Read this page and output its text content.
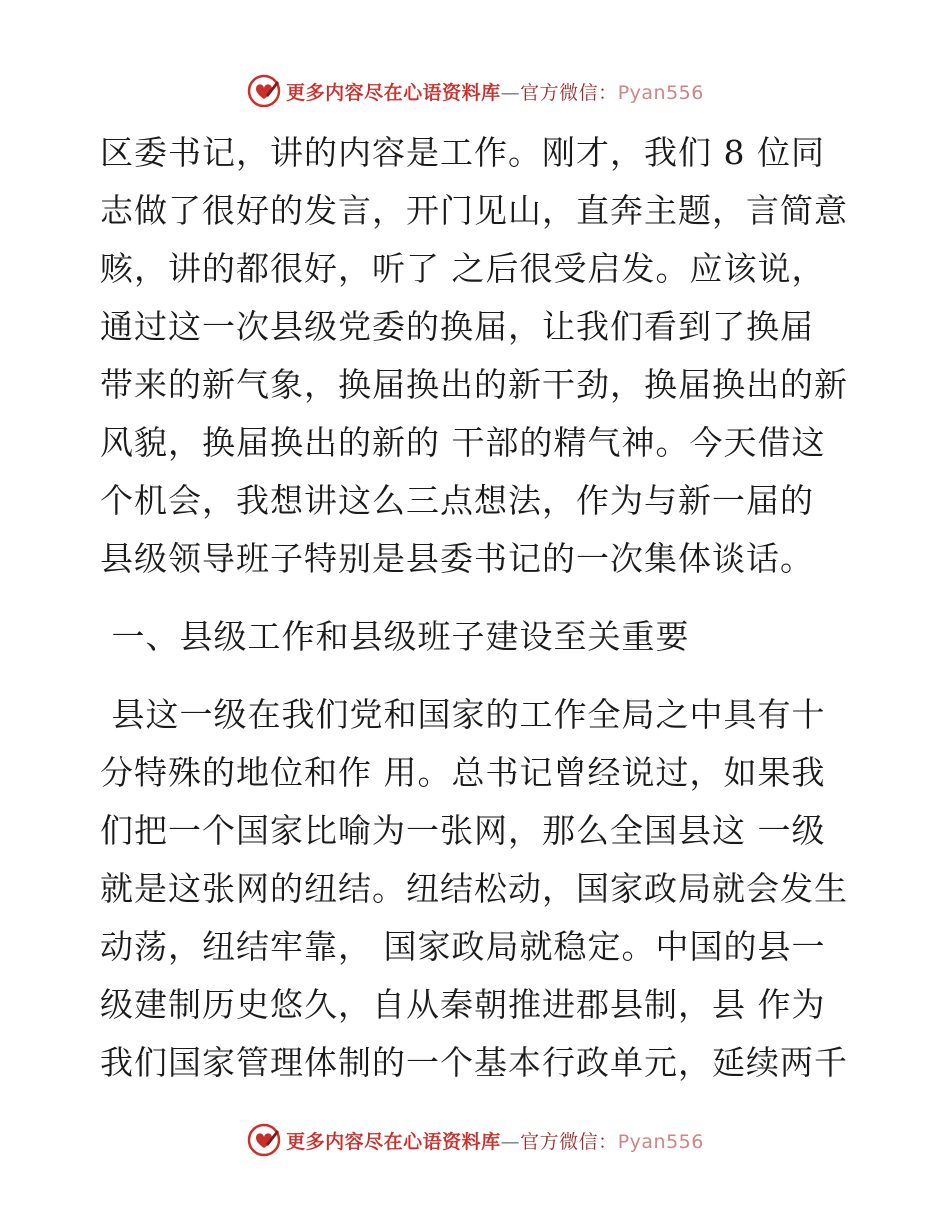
更多内容尽在心语资料库—官方微信：Pyan556
区委书记，讲的内容是工作。刚才，我们 8 位同
志做了很好的发言，开门见山，直奔主题，言简意
赅，讲的都很好，听了 之后很受启发。应该说，
通过这一次县级党委的换届，让我们看到了换届
带来的新气象，换届换出的新干劲，换届换出的新
风貌，换届换出的新的 干部的精气神。今天借这
个机会，我想讲这么三点想法，作为与新一届的
县级领导班子特别是县委书记的一次集体谈话。
一、县级工作和县级班子建设至关重要
县这一级在我们党和国家的工作全局之中具有十
分特殊的地位和作 用。总书记曾经说过，如果我
们把一个国家比喻为一张网，那么全国县这 一级
就是这张网的纽结。纽结松动，国家政局就会发生
动荡，纽结牢靠， 国家政局就稳定。中国的县一
级建制历史悠久，自从秦朝推进郡县制，县 作为
我们国家管理体制的一个基本行政单元，延续两千
更多内容尽在心语资料库—官方微信：Pyan556
